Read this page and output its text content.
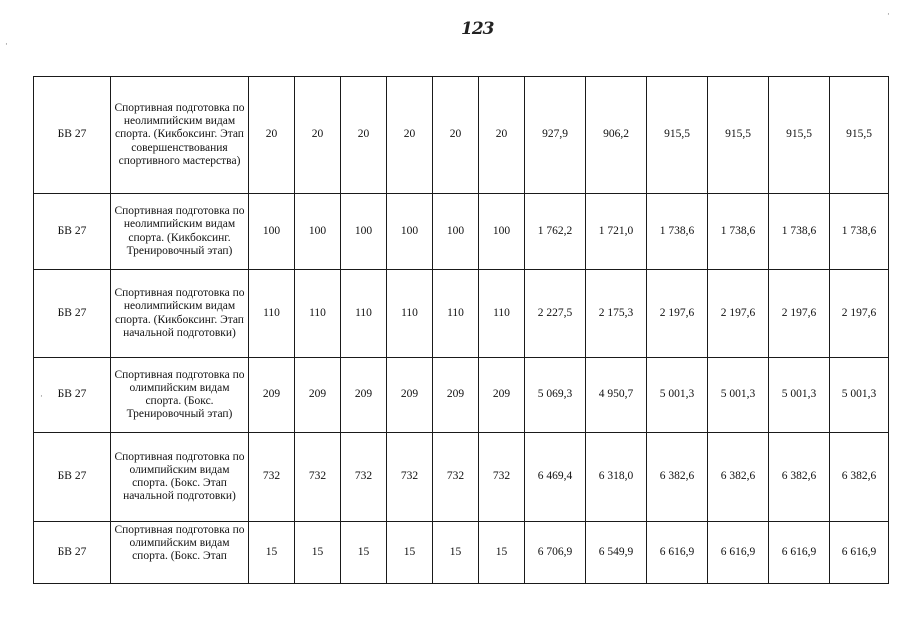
123
БВ 27	Спортивная подготовка по неолимпийским видам спорта. (Кикбоксинг. Этап совершенствования спортивного мастерства)	20	20	20	20	20	20	927,9	906,2	915,5	915,5	915,5	915,5
БВ 27	Спортивная подготовка по неолимпийским видам спорта. (Кикбоксинг. Тренировочный этап)	100	100	100	100	100	100	1 762,2	1 721,0	1 738,6	1 738,6	1 738,6	1 738,6
БВ 27	Спортивная подготовка по неолимпийским видам спорта. (Кикбоксинг. Этап начальной подготовки)	110	110	110	110	110	110	2 227,5	2 175,3	2 197,6	2 197,6	2 197,6	2 197,6
БВ 27	Спортивная подготовка по олимпийским видам спорта. (Бокс. Тренировочный этап)	209	209	209	209	209	209	5 069,3	4 950,7	5 001,3	5 001,3	5 001,3	5 001,3
БВ 27	Спортивная подготовка по олимпийским видам спорта. (Бокс. Этап начальной подготовки)	732	732	732	732	732	732	6 469,4	6 318,0	6 382,6	6 382,6	6 382,6	6 382,6
БВ 27	Спортивная подготовка по олимпийским видам спорта. (Бокс. Этап	15	15	15	15	15	15	6 706,9	6 549,9	6 616,9	6 616,9	6 616,9	6 616,9
·
·
·
